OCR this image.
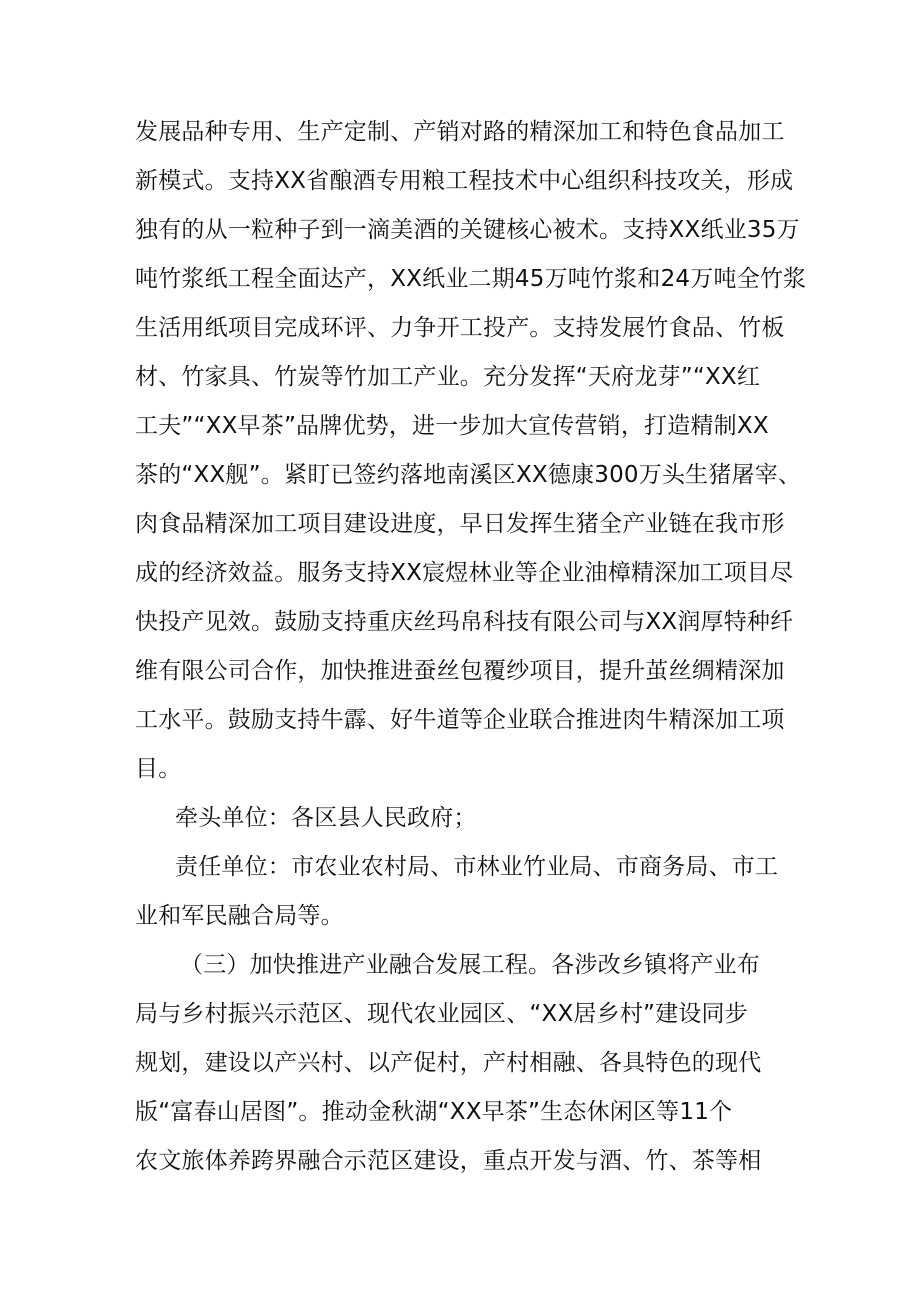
发展品种专用、生产定制、产销对路的精深加工和特色食品加工
新模式。支持XX省酿酒专用粮工程技术中心组织科技攻关，形成
独有的从一粒种子到一滴美酒的关键核心被术。支持XX纸业35万
吨竹浆纸工程全面达产，XX纸业二期45万吨竹浆和24万吨全竹浆
生活用纸项目完成环评、力争开工投产。支持发展竹食品、竹板
材、竹家具、竹炭等竹加工产业。充分发挥“天府龙芽”“XX红
工夫”“XX早茶”品牌优势，进一步加大宣传营销，打造精制XX
茶的“XX舰”。紧盯已签约落地南溪区XX德康300万头生猪屠宰、
肉食品精深加工项目建设进度，早日发挥生猪全产业链在我市形
成的经济效益。服务支持XX宸煜林业等企业油樟精深加工项目尽
快投产见效。鼓励支持重庆丝玛帛科技有限公司与XX润厚特种纤
维有限公司合作，加快推进蚕丝包覆纱项目，提升茧丝绸精深加
工水平。鼓励支持牛霹、好牛道等企业联合推进肉牛精深加工项
目。
牵头单位：各区县人民政府；
责任单位：市农业农村局、市林业竹业局、市商务局、市工
业和军民融合局等。
（三）加快推进产业融合发展工程。各涉改乡镇将产业布
局与乡村振兴示范区、现代农业园区、“XX居乡村”建设同步
规划，建设以产兴村、以产促村，产村相融、各具特色的现代
版“富春山居图”。推动金秋湖“XX早茶”生态休闲区等11个
农文旅体养跨界融合示范区建设，重点开发与酒、竹、茶等相
